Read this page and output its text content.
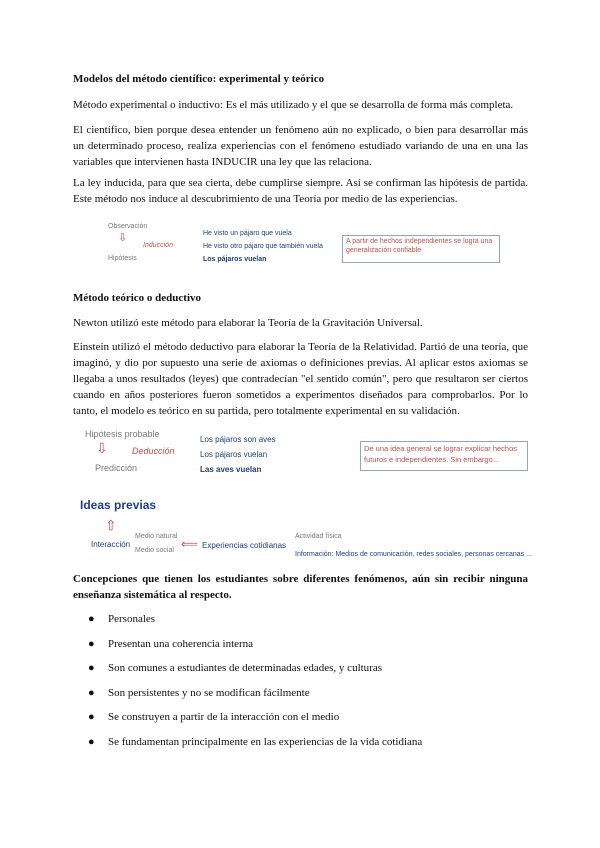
Modelos del método científico: experimental y teórico
Método experimental o inductivo: Es el más utilizado y el que se desarrolla de forma más completa.
El científico, bien porque desea entender un fenómeno aún no explicado, o bien para desarrollar más un determinado proceso, realiza experiencias con el fenómeno estudiado variando de una en una las variables que intervienen hasta INDUCIR una ley que las relaciona.
La ley inducida, para que sea cierta, debe cumplirse siempre. Así se confirman las hipótesis de partida. Este método nos induce al descubrimiento de una Teoría por medio de las experiencias.
Observación
⇩
Inducción
Hipótesis
He visto un pájaro que vuela
He visto otro pájaro que también vuela
Los pájaros vuelan
A partir de hechos independientes se logra una generalización confiable
Método teórico o deductivo
Newton utilizó este método para elaborar la Teoría de la Gravitación Universal.
Einstein utilizó el método deductivo para elaborar la Teoría de la Relatividad. Partió de una teoría, que imaginó, y dio por supuesto una serie de axiomas o definiciones previas. Al aplicar estos axiomas se llegaba a unos resultados (leyes) que contradecían "el sentido común", pero que resultaron ser ciertos cuando en años posteriores fueron sometidos a experimentos diseñados para comprobarlos. Por lo tanto, el modelo es teórico en su partida, pero totalmente experimental en su validación.
Hipótesis probable
⇩	Deducción
Predicción
Los pájaros son aves
Los pájaros vuelan
Las aves vuelan
De una idea general se lograr explicar hechos futuros e independientes. Sin embargo...
Ideas previas
⇩
Interacción
Medio natural
Medio social ⟸ Experiencias cotidianas
Actividad física
Información: Medios de comunicación, redes sociales, personas cercanas ...
Concepciones que tienen los estudiantes sobre diferentes fenómenos, aún sin recibir ninguna enseñanza sistemática al respecto.
● Personales
● Presentan una coherencia interna
● Son comunes a estudiantes de determinadas edades, y culturas
● Son persistentes y no se modifican fácilmente
● Se construyen a partir de la interacción con el medio
● Se fundamentan principalmente en las experiencias de la vida cotidiana
